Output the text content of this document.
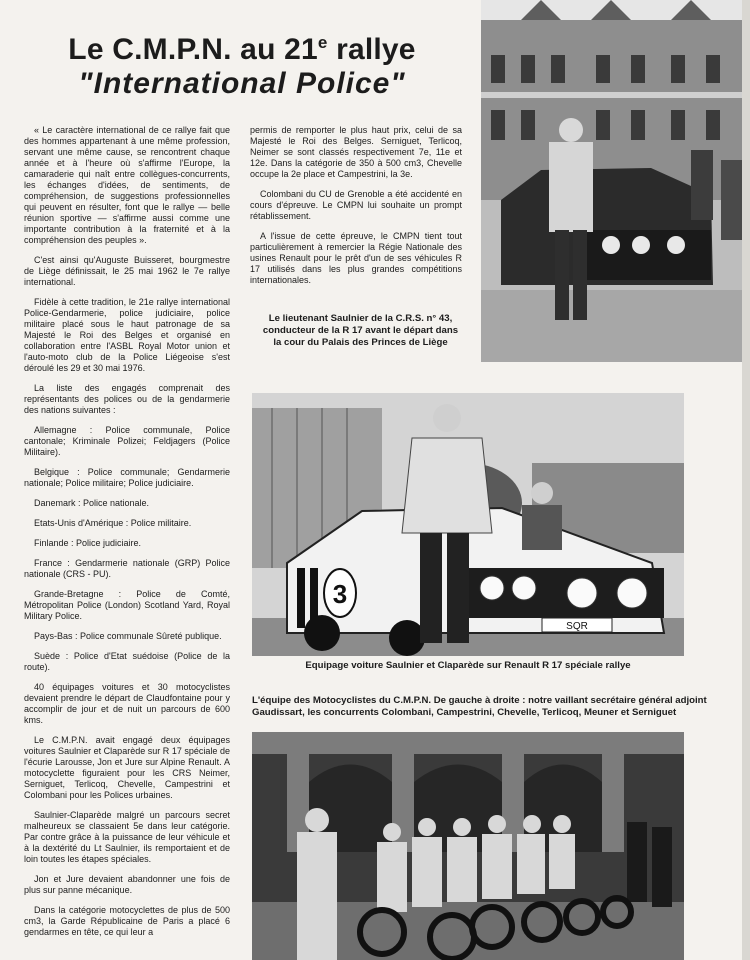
Le C.M.P.N. au 21e rallye
"International Police"

« Le caractère international de ce rallye fait que des hommes appartenant à une même profession, servant une même cause, se rencontrent chaque année et à l'heure où s'affirme l'Europe, la camaraderie qui naît entre collègues-concurrents, les échanges d'idées, de sentiments, de compréhension, de suggestions professionnelles qui peuvent en résulter, font que le rallye — belle réunion sportive — s'affirme aussi comme une importante contribution à la fraternité et à la compréhension des peuples ».

C'est ainsi qu'Auguste Buisseret, bourgmestre de Liège définissait, le 25 mai 1962 le 7e rallye international.

Fidèle à cette tradition, le 21e rallye international Police-Gendarmerie, police judiciaire, police militaire placé sous le haut patronage de sa Majesté le Roi des Belges et organisé en collaboration entre l'ASBL Royal Motor union et l'auto-moto club de la Police Liégeoise s'est déroulé les 29 et 30 mai 1976.

La liste des engagés comprenait des représentants des polices ou de la gendarmerie des nations suivantes :

Allemagne : Police communale, Police cantonale; Kriminale Polizei; Feldjagers (Police Militaire).

Belgique : Police communale; Gendarmerie nationale; Police militaire; Police judiciaire.

Danemark : Police nationale.

Etats-Unis d'Amérique : Police militaire.

Finlande : Police judiciaire.

France : Gendarmerie nationale (GRP) Police nationale (CRS - PU).

Grande-Bretagne : Police de Comté, Métropolitan Police (London) Scotland Yard, Royal Military Police.

Pays-Bas : Police communale Sûreté publique.

Suède : Police d'Etat suédoise (Police de la route).

40 équipages voitures et 30 motocyclistes devaient prendre le départ de Claudfontaine pour y accomplir de jour et de nuit un parcours de 600 kms.

Le C.M.P.N. avait engagé deux équipages voitures Saulnier et Claparède sur R 17 spéciale de l'écurie Larousse, Jon et Jure sur Alpine Renault. A motocyclette figuraient pour les CRS Neimer, Serniguet, Terlicoq, Chevelle, Campestrini et Colombani pour les Polices urbaines.

Saulnier-Claparède malgré un parcours secret malheureux se classaient 5e dans leur catégorie. Par contre grâce à la puissance de leur véhicule et à la dextérité du Lt Saulnier, ils remportaient et de loin toutes les étapes spéciales.

Jon et Jure devaient abandonner une fois de plus sur panne mécanique.

Dans la catégorie motocyclettes de plus de 500 cm3, la Garde Républicaine de Paris a placé 6 gendarmes en tête, ce qui leur a

permis de remporter le plus haut prix, celui de sa Majesté le Roi des Belges. Serniguet, Terlicoq, Neimer se sont classés respectivement 7e, 11e et 12e. Dans la catégorie de 350 à 500 cm3, Chevelle occupe la 2e place et Campestrini, la 3e.

Colombani du CU de Grenoble a été accidenté en cours d'épreuve. Le CMPN lui souhaite un prompt rétablissement.

A l'issue de cette épreuve, le CMPN tient tout particulièrement à remercier la Régie Nationale des usines Renault pour le prêt d'un de ses véhicules R 17 utilisés dans les plus grandes compétitions internationales.

Le lieutenant Saulnier de la C.R.S. n° 43, conducteur de la R 17 avant le départ dans la cour du Palais des Princes de Liège
SQR
3
Equipage voiture Saulnier et Claparède sur Renault R 17 spéciale rallye
L'équipe des Motocyclistes du C.M.P.N. De gauche à droite : notre vaillant secrétaire général adjoint Gaudissart, les concurrents Colombani, Campestrini, Chevelle, Terlicoq, Meuner et Serniguet
